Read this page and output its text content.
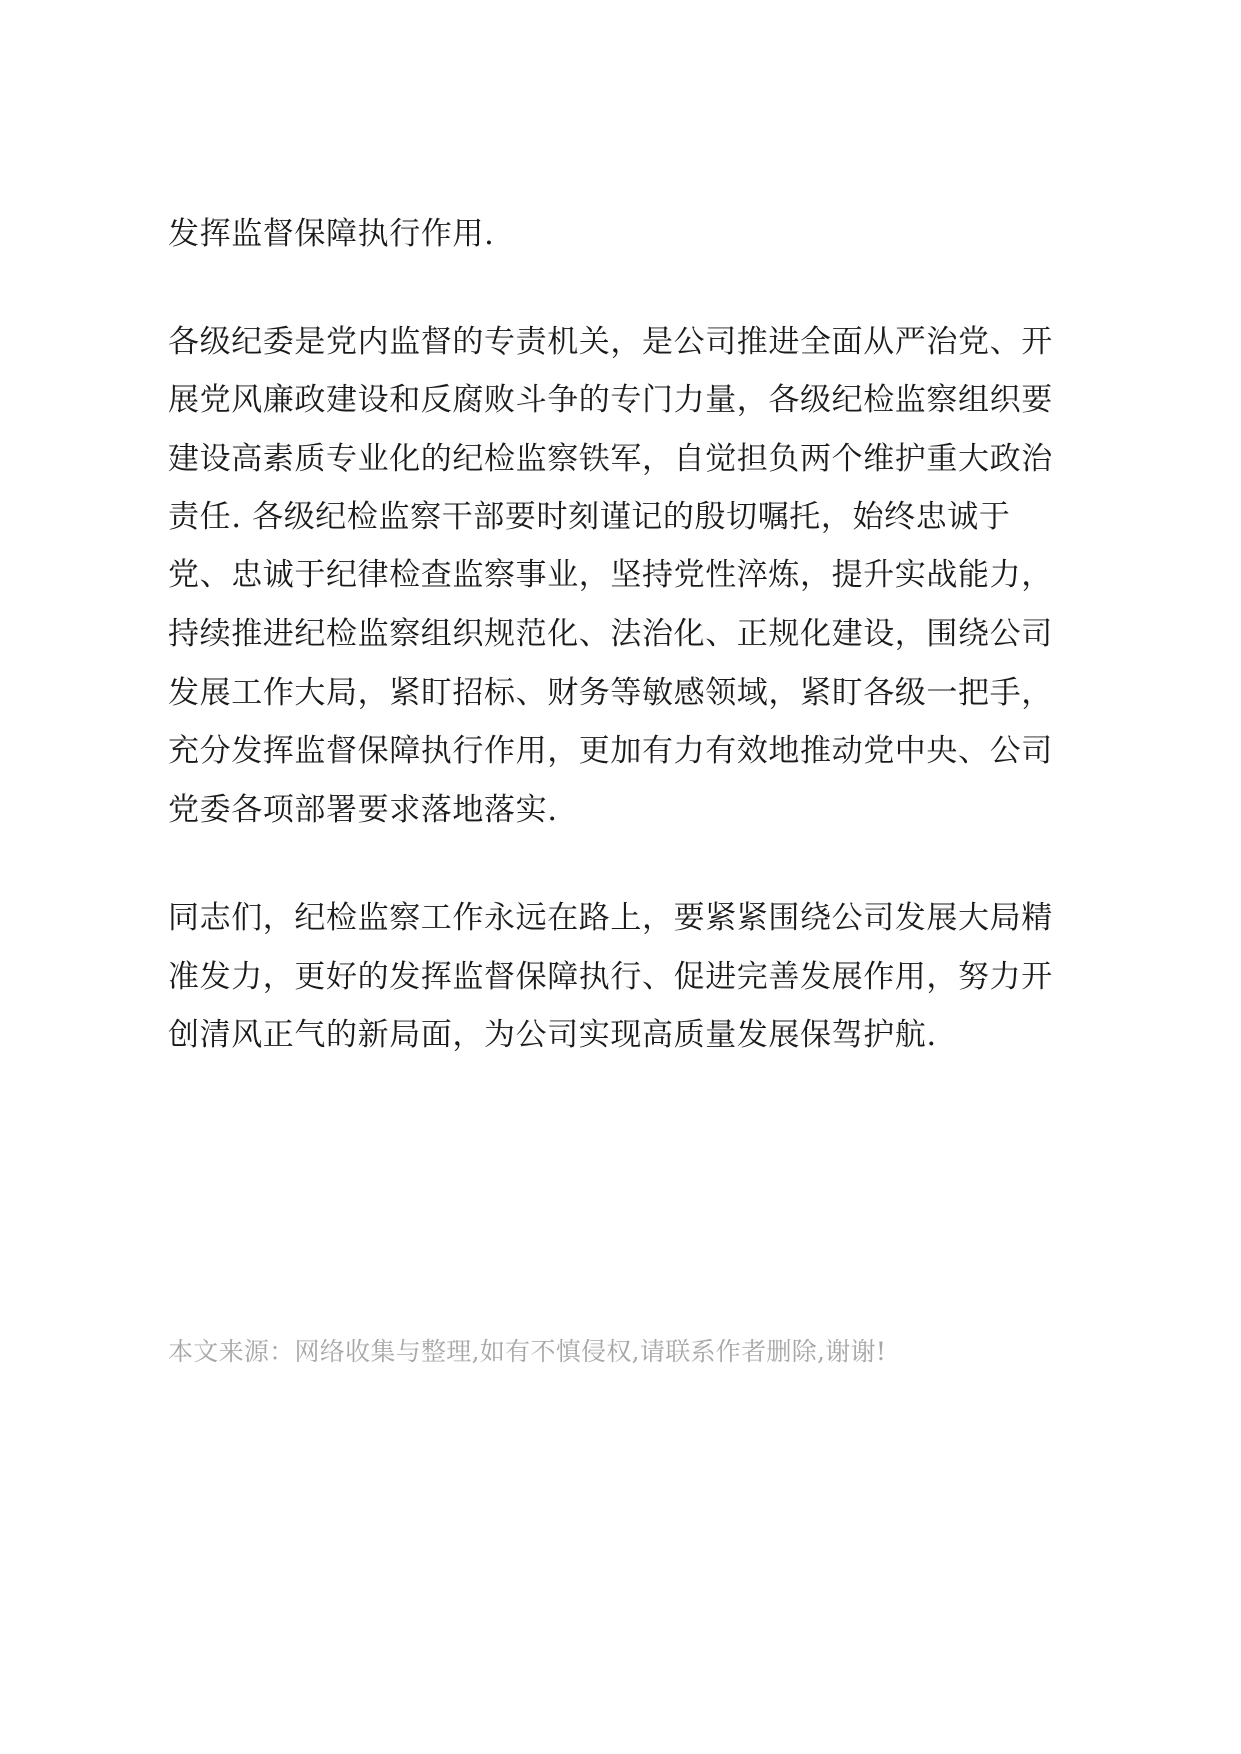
发挥监督保障执行作用.
各级纪委是党内监督的专责机关，是公司推进全面从严治党、开
展党风廉政建设和反腐败斗争的专门力量，各级纪检监察组织要
建设高素质专业化的纪检监察铁军，自觉担负两个维护重大政治
责任. 各级纪检监察干部要时刻谨记的殷切嘱托，始终忠诚于
党、忠诚于纪律检查监察事业，坚持党性淬炼，提升实战能力，
持续推进纪检监察组织规范化、法治化、正规化建设，围绕公司
发展工作大局，紧盯招标、财务等敏感领域，紧盯各级一把手，
充分发挥监督保障执行作用，更加有力有效地推动党中央、公司
党委各项部署要求落地落实.
同志们，纪检监察工作永远在路上，要紧紧围绕公司发展大局精
准发力，更好的发挥监督保障执行、促进完善发展作用，努力开
创清风正气的新局面，为公司实现高质量发展保驾护航.
本文来源：网络收集与整理,如有不慎侵权,请联系作者删除,谢谢!
